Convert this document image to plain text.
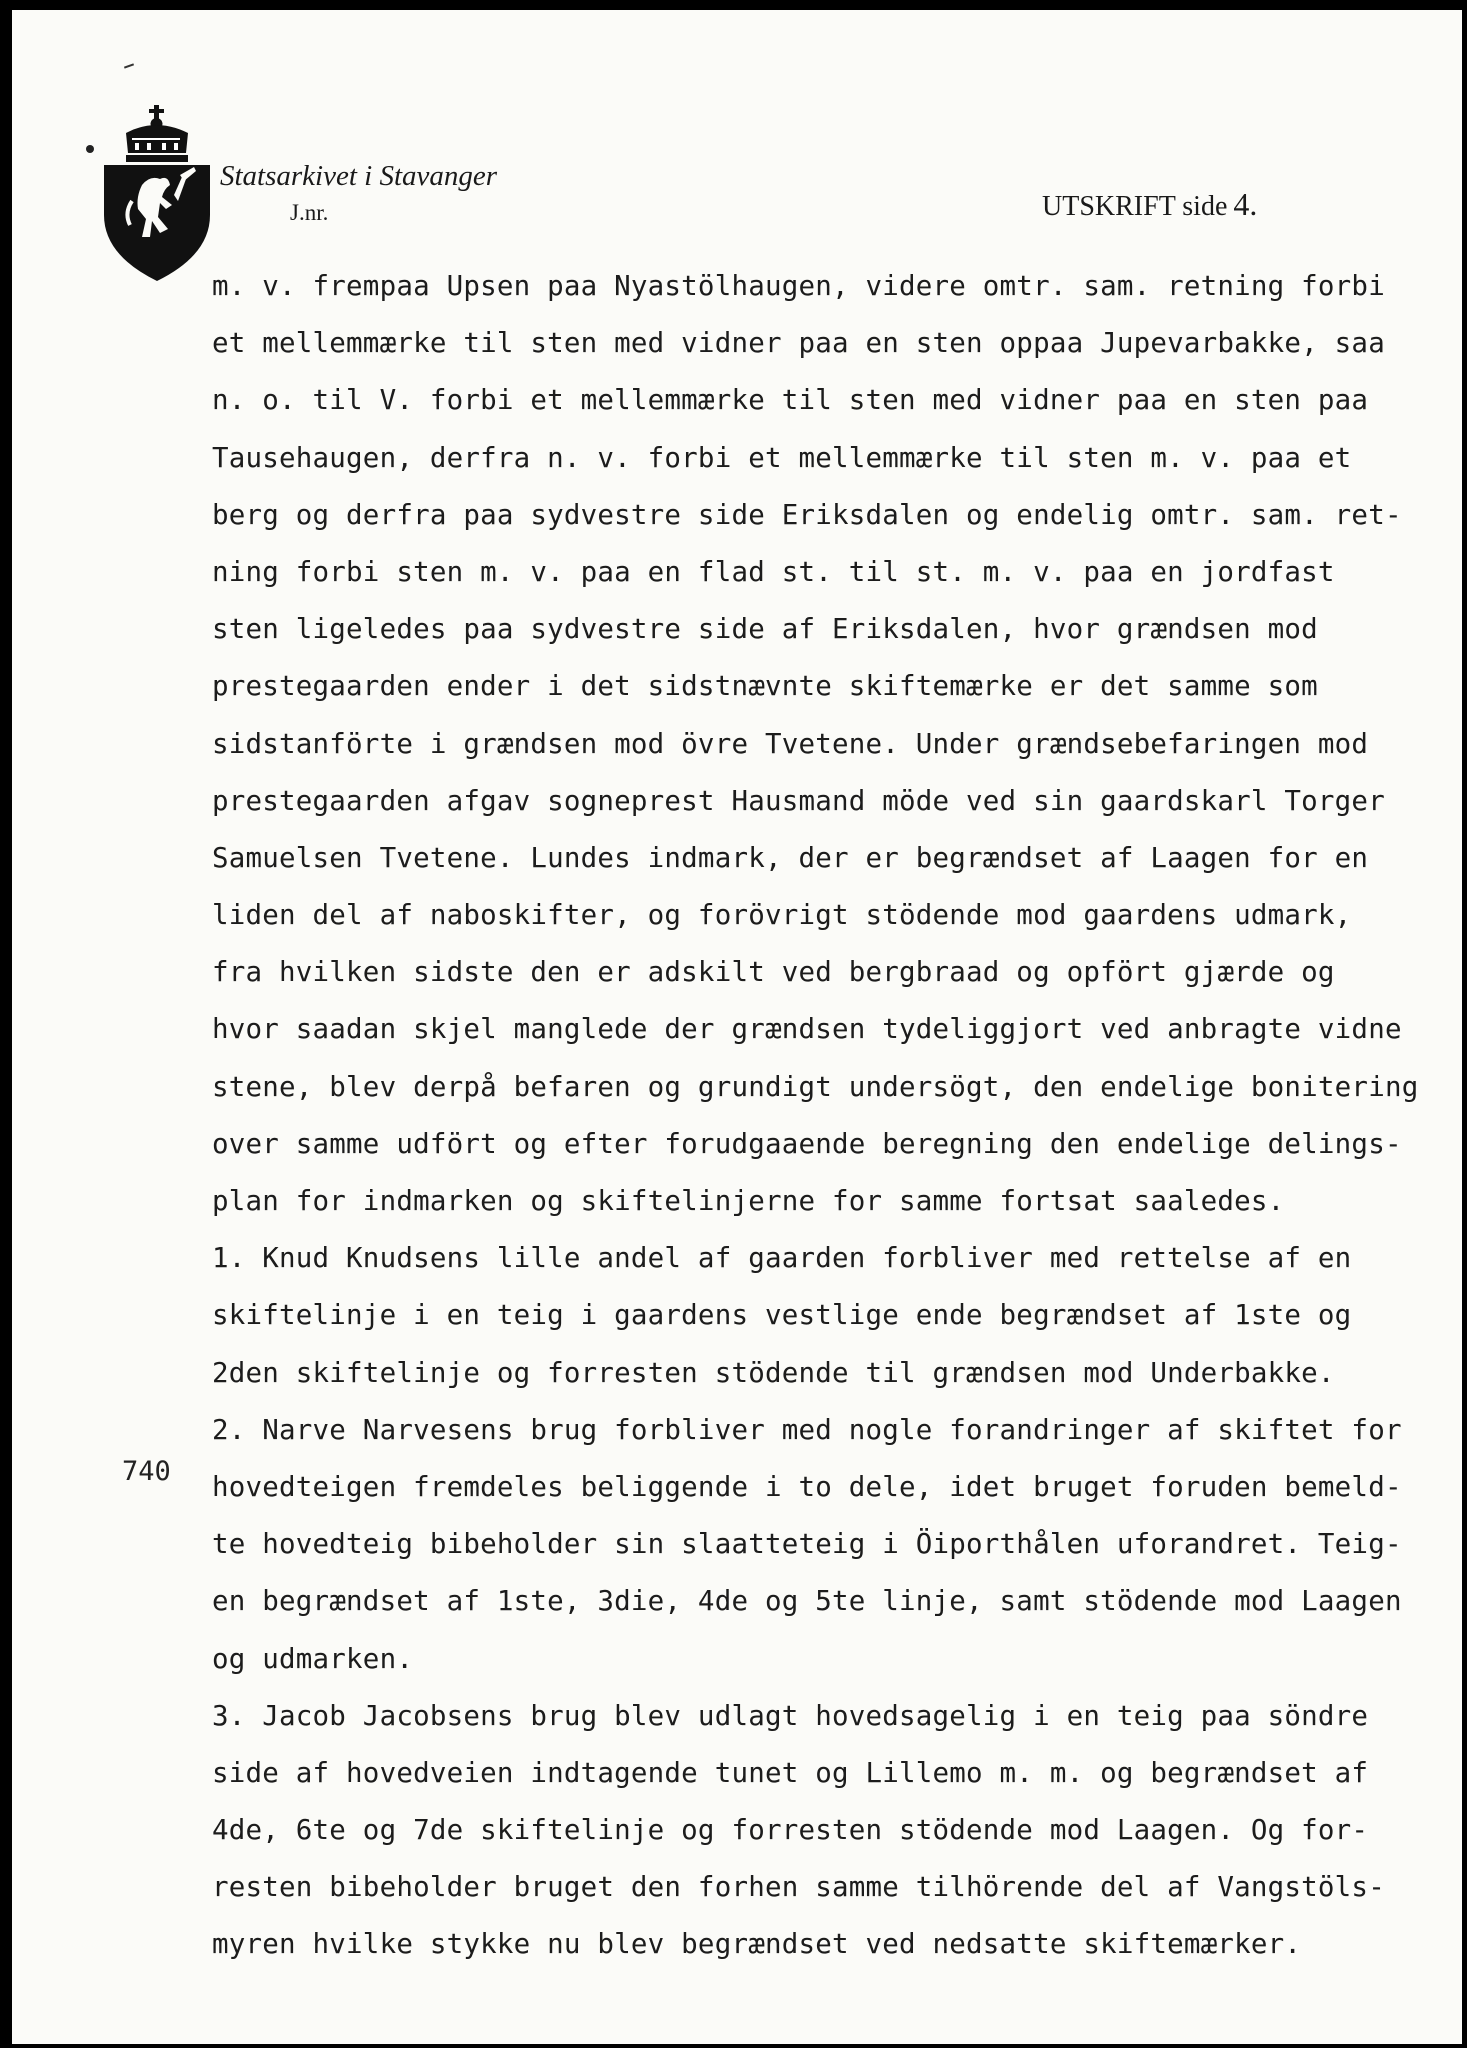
Statsarkivet i Stavanger
J.nr.	UTSKRIFT side 4.
740
m. v. frempaa Upsen paa Nyastölhaugen, videre omtr. sam. retning forbi
et mellemmærke til sten med vidner paa en sten oppaa Jupevarbakke, saa
n. o. til V. forbi et mellemmærke til sten med vidner paa en sten paa
Tausehaugen, derfra n. v. forbi et mellemmærke til sten m. v. paa et
berg og derfra paa sydvestre side Eriksdalen og endelig omtr. sam. ret-
ning forbi sten m. v. paa en flad st. til st. m. v. paa en jordfast
sten ligeledes paa sydvestre side af Eriksdalen, hvor grændsen mod
prestegaarden ender i det sidstnævnte skiftemærke er det samme som
sidstanförte i grændsen mod övre Tvetene. Under grændsebefaringen mod
prestegaarden afgav sogneprest Hausmand möde ved sin gaardskarl Torger
Samuelsen Tvetene. Lundes indmark, der er begrændset af Laagen for en
liden del af naboskifter, og forövrigt stödende mod gaardens udmark,
fra hvilken sidste den er adskilt ved bergbraad og opfört gjærde og
hvor saadan skjel manglede der grændsen tydeliggjort ved anbragte vidne
stene, blev derpå befaren og grundigt undersögt, den endelige bonitering
over samme udfört og efter forudgaaende beregning den endelige delings-
plan for indmarken og skiftelinjerne for samme fortsat saaledes.
1. Knud Knudsens lille andel af gaarden forbliver med rettelse af en
skiftelinje i en teig i gaardens vestlige ende begrændset af 1ste og
2den skiftelinje og forresten stödende til grændsen mod Underbakke.
2. Narve Narvesens brug forbliver med nogle forandringer af skiftet for
hovedteigen fremdeles beliggende i to dele, idet bruget foruden bemeld-
te hovedteig bibeholder sin slaatteteig i Öiporthålen uforandret. Teig-
en begrændset af 1ste, 3die, 4de og 5te linje, samt stödende mod Laagen
og udmarken.
3. Jacob Jacobsens brug blev udlagt hovedsagelig i en teig paa söndre
side af hovedveien indtagende tunet og Lillemo m. m. og begrændset af
4de, 6te og 7de skiftelinje og forresten stödende mod Laagen. Og for-
resten bibeholder bruget den forhen samme tilhörende del af Vangstöls-
myren hvilke stykke nu blev begrændset ved nedsatte skiftemærker.
